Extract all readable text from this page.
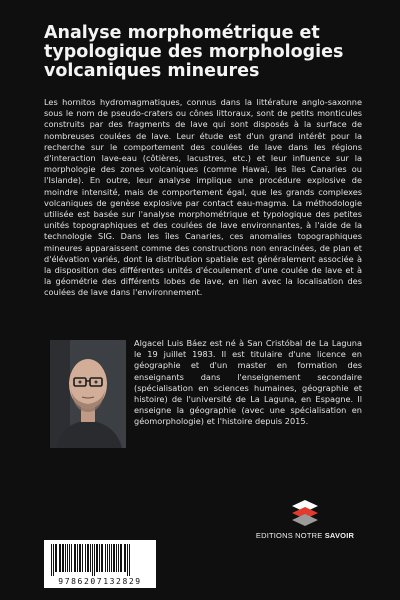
Analyse morphométrique et typologique des morphologies volcaniques mineures

Les hornitos hydromagmatiques, connus dans la littérature anglo-saxonne sous le nom de pseudo-craters ou cônes littoraux, sont de petits monticules construits par des fragments de lave qui sont disposés à la surface de nombreuses coulées de lave. Leur étude est d'un grand intérêt pour la recherche sur le comportement des coulées de lave dans les régions d'interaction lave-eau (côtières, lacustres, etc.) et leur influence sur la morphologie des zones volcaniques (comme Hawaï, les îles Canaries ou l'Islande). En outre, leur analyse implique une procédure explosive de moindre intensité, mais de comportement égal, que les grands complexes volcaniques de genèse explosive par contact eau-magma. La méthodologie utilisée est basée sur l'analyse morphométrique et typologique des petites unités topographiques et des coulées de lave environnantes, à l'aide de la technologie SIG. Dans les îles Canaries, ces anomalies topographiques mineures apparaissent comme des constructions non enracinées, de plan et d'élévation variés, dont la distribution spatiale est généralement associée à la disposition des différentes unités d'écoulement d'une coulée de lave et à la géométrie des différents lobes de lave, en lien avec la localisation des coulées de lave dans l'environnement.

Algacel Luis Báez est né à San Cristóbal de La Laguna le 19 juillet 1983. Il est titulaire d'une licence en géographie et d'un master en formation des enseignants dans l'enseignement secondaire (spécialisation en sciences humaines, géographie et histoire) de l'université de La Laguna, en Espagne. Il enseigne la géographie (avec une spécialisation en géomorphologie) et l'histoire depuis 2015.

EDITIONS NOTRE SAVOIR
9786207132829
